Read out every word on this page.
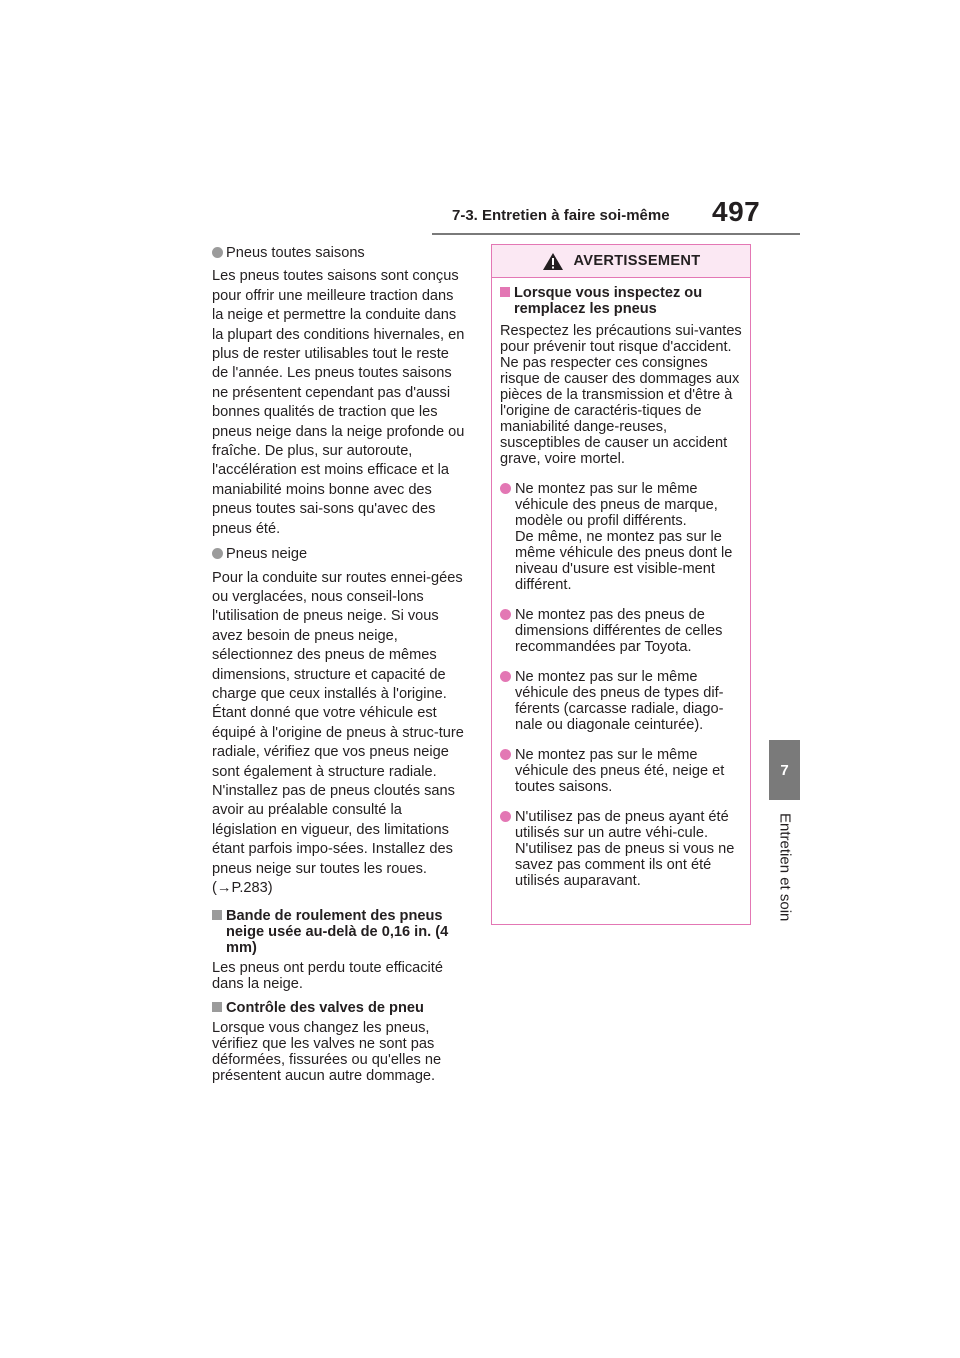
7-3. Entretien à faire soi-même 497
7
Entretien et soin
Pneus toutes saisons

Les pneus toutes saisons sont conçus pour offrir une meilleure traction dans la neige et permettre la conduite dans la plupart des conditions hivernales, en plus de rester utilisables tout le reste de l'année. Les pneus toutes saisons ne présentent cependant pas d'aussi bonnes qualités de traction que les pneus neige dans la neige profonde ou fraîche. De plus, sur autoroute, l'accélération est moins efficace et la maniabilité moins bonne avec des pneus toutes sai-sons qu'avec des pneus été.

Pneus neige

Pour la conduite sur routes ennei-gées ou verglacées, nous conseil-lons l'utilisation de pneus neige. Si vous avez besoin de pneus neige, sélectionnez des pneus de mêmes dimensions, structure et capacité de charge que ceux installés à l'origine. Étant donné que votre véhicule est équipé à l'origine de pneus à struc-ture radiale, vérifiez que vos pneus neige sont également à structure radiale. N'installez pas de pneus cloutés sans avoir au préalable consulté la législation en vigueur, des limitations étant parfois impo-sées. Installez des pneus neige sur toutes les roues. (→P.283)

Bande de roulement des pneus neige usée au-delà de 0,16 in. (4 mm)

Les pneus ont perdu toute efficacité dans la neige.

Contrôle des valves de pneu

Lorsque vous changez les pneus, vérifiez que les valves ne sont pas déformées, fissurées ou qu'elles ne présentent aucun autre dommage.

AVERTISSEMENT
Lorsque vous inspectez ou remplacez les pneus

Respectez les précautions sui-vantes pour prévenir tout risque d'accident.
Ne pas respecter ces consignes risque de causer des dommages aux pièces de la transmission et d'être à l'origine de caractéris-tiques de maniabilité dange-reuses, susceptibles de causer un accident grave, voire mortel.

Ne montez pas sur le même véhicule des pneus de marque, modèle ou profil différents.
De même, ne montez pas sur le même véhicule des pneus dont le niveau d'usure est visible-ment différent.
Ne montez pas des pneus de dimensions différentes de celles recommandées par Toyota.
Ne montez pas sur le même véhicule des pneus de types dif-férents (carcasse radiale, diago-nale ou diagonale ceinturée).
Ne montez pas sur le même véhicule des pneus été, neige et toutes saisons.
N'utilisez pas de pneus ayant été utilisés sur un autre véhi-cule.
N'utilisez pas de pneus si vous ne savez pas comment ils ont été utilisés auparavant.
